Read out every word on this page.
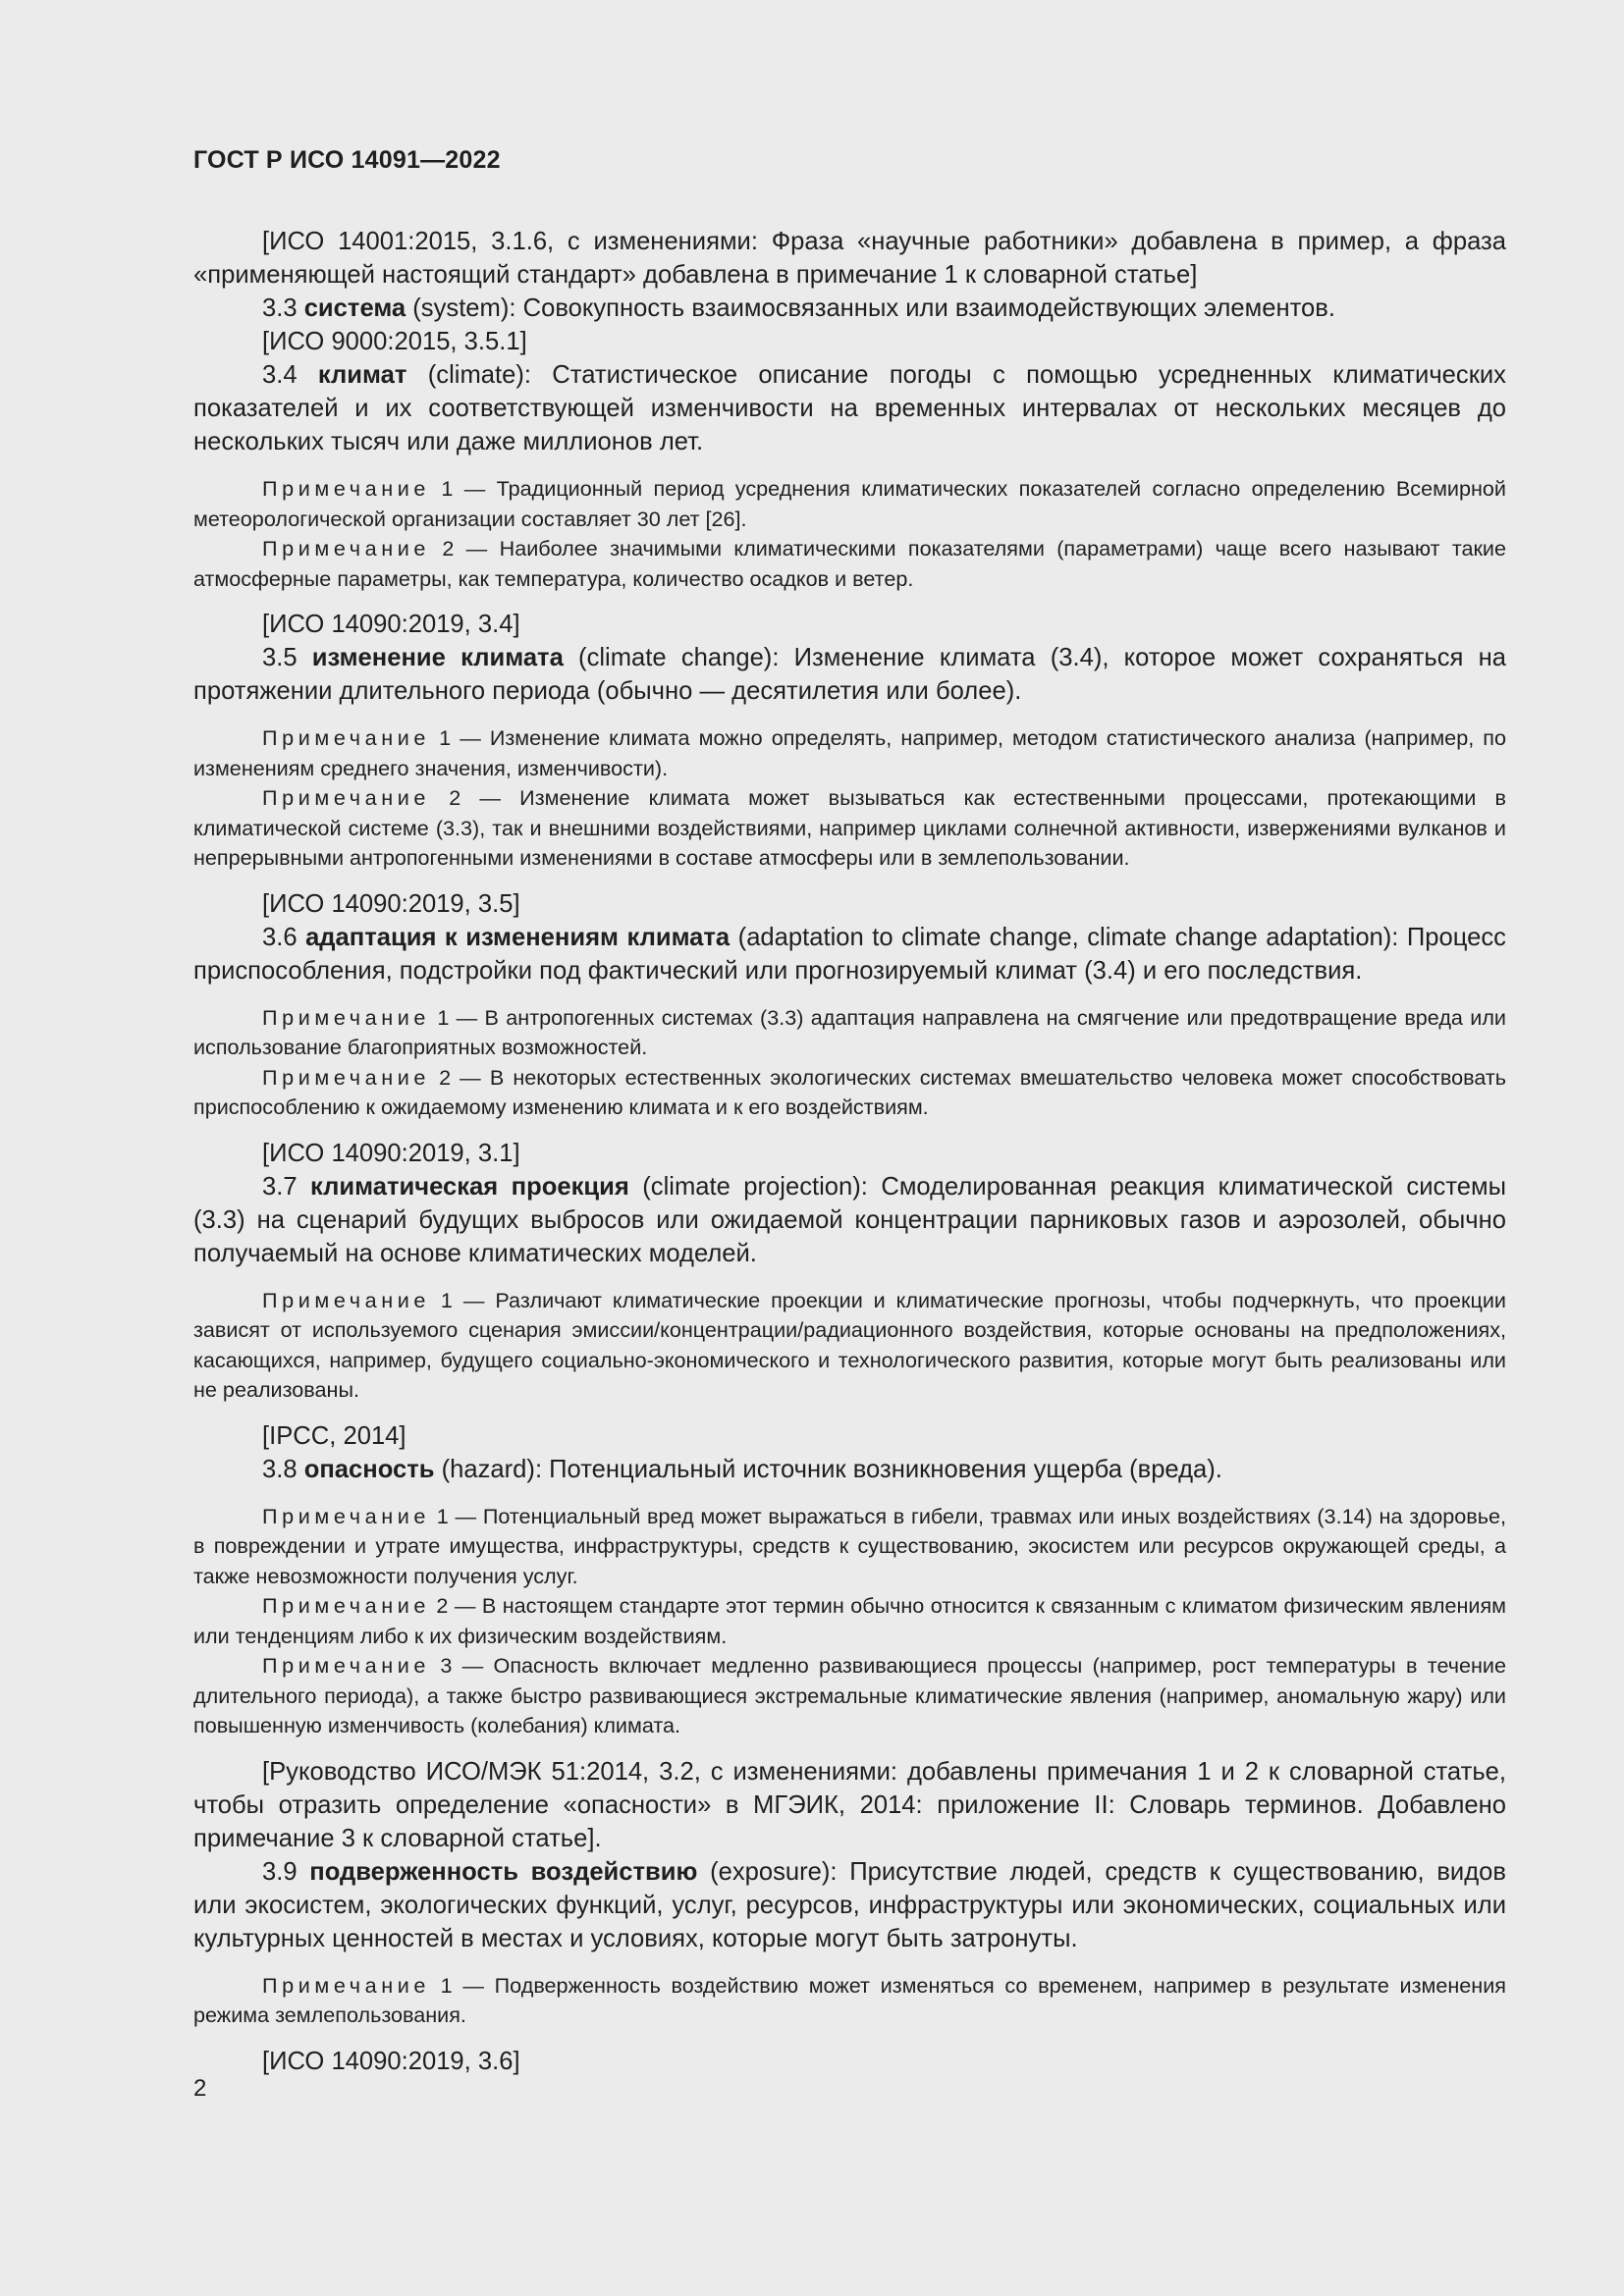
ГОСТ Р ИСО 14091—2022

[ИСО 14001:2015, 3.1.6, с изменениями: Фраза «научные работники» добавлена в пример, а фраза «применяющей настоящий стандарт» добавлена в примечание 1 к словарной статье]

3.3 система (system): Совокупность взаимосвязанных или взаимодействующих элементов.

[ИСО 9000:2015, 3.5.1]

3.4 климат (climate): Статистическое описание погоды с помощью усредненных климатических показателей и их соответствующей изменчивости на временных интервалах от нескольких месяцев до нескольких тысяч или даже миллионов лет.

Примечание 1 — Традиционный период усреднения климатических показателей согласно определению Всемирной метеорологической организации составляет 30 лет [26].

Примечание 2 — Наиболее значимыми климатическими показателями (параметрами) чаще всего называют такие атмосферные параметры, как температура, количество осадков и ветер.

[ИСО 14090:2019, 3.4]

3.5 изменение климата (climate change): Изменение климата (3.4), которое может сохраняться на протяжении длительного периода (обычно — десятилетия или более).

Примечание 1 — Изменение климата можно определять, например, методом статистического анализа (например, по изменениям среднего значения, изменчивости).

Примечание 2 — Изменение климата может вызываться как естественными процессами, протекающими в климатической системе (3.3), так и внешними воздействиями, например циклами солнечной активности, извержениями вулканов и непрерывными антропогенными изменениями в составе атмосферы или в землепользовании.

[ИСО 14090:2019, 3.5]

3.6 адаптация к изменениям климата (adaptation to climate change, climate change adaptation): Процесс приспособления, подстройки под фактический или прогнозируемый климат (3.4) и его последствия.

Примечание 1 — В антропогенных системах (3.3) адаптация направлена на смягчение или предотвращение вреда или использование благоприятных возможностей.

Примечание 2 — В некоторых естественных экологических системах вмешательство человека может способствовать приспособлению к ожидаемому изменению климата и к его воздействиям.

[ИСО 14090:2019, 3.1]

3.7 климатическая проекция (climate projection): Смоделированная реакция климатической системы (3.3) на сценарий будущих выбросов или ожидаемой концентрации парниковых газов и аэрозолей, обычно получаемый на основе климатических моделей.

Примечание 1 — Различают климатические проекции и климатические прогнозы, чтобы подчеркнуть, что проекции зависят от используемого сценария эмиссии/концентрации/радиационного воздействия, которые основаны на предположениях, касающихся, например, будущего социально-экономического и технологического развития, которые могут быть реализованы или не реализованы.

[IPCC, 2014]

3.8 опасность (hazard): Потенциальный источник возникновения ущерба (вреда).

Примечание 1 — Потенциальный вред может выражаться в гибели, травмах или иных воздействиях (3.14) на здоровье, в повреждении и утрате имущества, инфраструктуры, средств к существованию, экосистем или ресурсов окружающей среды, а также невозможности получения услуг.

Примечание 2 — В настоящем стандарте этот термин обычно относится к связанным с климатом физическим явлениям или тенденциям либо к их физическим воздействиям.

Примечание 3 — Опасность включает медленно развивающиеся процессы (например, рост температуры в течение длительного периода), а также быстро развивающиеся экстремальные климатические явления (например, аномальную жару) или повышенную изменчивость (колебания) климата.

[Руководство ИСО/МЭК 51:2014, 3.2, с изменениями: добавлены примечания 1 и 2 к словарной статье, чтобы отразить определение «опасности» в МГЭИК, 2014: приложение II: Словарь терминов. Добавлено примечание 3 к словарной статье].

3.9 подверженность воздействию (exposure): Присутствие людей, средств к существованию, видов или экосистем, экологических функций, услуг, ресурсов, инфраструктуры или экономических, социальных или культурных ценностей в местах и условиях, которые могут быть затронуты.

Примечание 1 — Подверженность воздействию может изменяться со временем, например в результате изменения режима землепользования.

[ИСО 14090:2019, 3.6]

2
